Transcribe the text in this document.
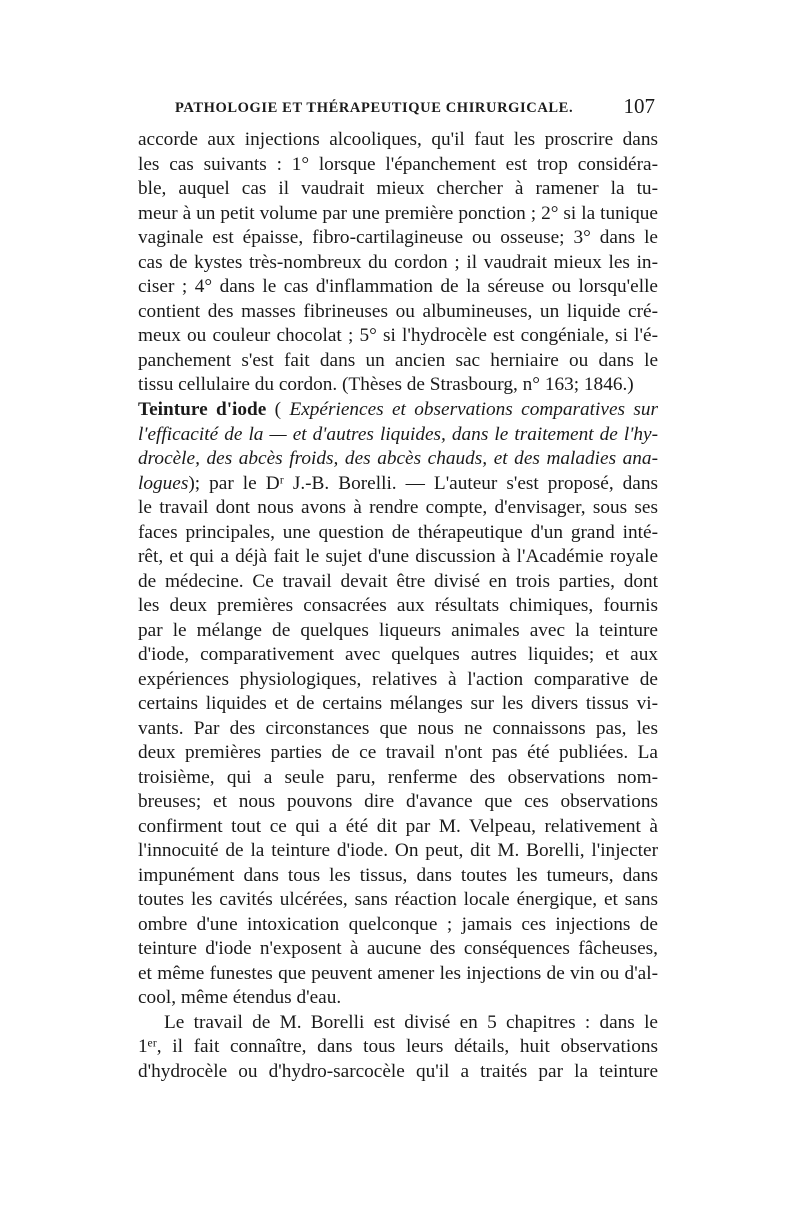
PATHOLOGIE ET THÉRAPEUTIQUE CHIRURGICALE. 107
accorde aux injections alcooliques, qu'il faut les proscrire dans
les cas suivants : 1° lorsque l'épanchement est trop considéra-
ble, auquel cas il vaudrait mieux chercher à ramener la tu-
meur à un petit volume par une première ponction ; 2° si la tunique
vaginale est épaisse, fibro-cartilagineuse ou osseuse; 3° dans le
cas de kystes très-nombreux du cordon ; il vaudrait mieux les in-
ciser ; 4° dans le cas d'inflammation de la séreuse ou lorsqu'elle
contient des masses fibrineuses ou albumineuses, un liquide cré-
meux ou couleur chocolat ; 5° si l'hydrocèle est congéniale, si l'é-
panchement s'est fait dans un ancien sac herniaire ou dans le
tissu cellulaire du cordon. (Thèses de Strasbourg, n° 163; 1846.)
Teinture d'iode ( Expériences et observations comparatives sur
l'efficacité de la — et d'autres liquides, dans le traitement de l'hy-
drocèle, des abcès froids, des abcès chauds, et des maladies ana-
logues); par le Dʳ J.-B. Borelli. — L'auteur s'est proposé, dans
le travail dont nous avons à rendre compte, d'envisager, sous ses
faces principales, une question de thérapeutique d'un grand inté-
rêt, et qui a déjà fait le sujet d'une discussion à l'Académie royale
de médecine. Ce travail devait être divisé en trois parties, dont
les deux premières consacrées aux résultats chimiques, fournis
par le mélange de quelques liqueurs animales avec la teinture
d'iode, comparativement avec quelques autres liquides; et aux
expériences physiologiques, relatives à l'action comparative de
certains liquides et de certains mélanges sur les divers tissus vi-
vants. Par des circonstances que nous ne connaissons pas, les
deux premières parties de ce travail n'ont pas été publiées. La
troisième, qui a seule paru, renferme des observations nom-
breuses; et nous pouvons dire d'avance que ces observations
confirment tout ce qui a été dit par M. Velpeau, relativement à
l'innocuité de la teinture d'iode. On peut, dit M. Borelli, l'injecter
impunément dans tous les tissus, dans toutes les tumeurs, dans
toutes les cavités ulcérées, sans réaction locale énergique, et sans
ombre d'une intoxication quelconque ; jamais ces injections de
teinture d'iode n'exposent à aucune des conséquences fâcheuses,
et même funestes que peuvent amener les injections de vin ou d'al-
cool, même étendus d'eau.
Le travail de M. Borelli est divisé en 5 chapitres : dans le
1ᵉʳ, il fait connaître, dans tous leurs détails, huit observations
d'hydrocèle ou d'hydro-sarcocèle qu'il a traités par la teinture
